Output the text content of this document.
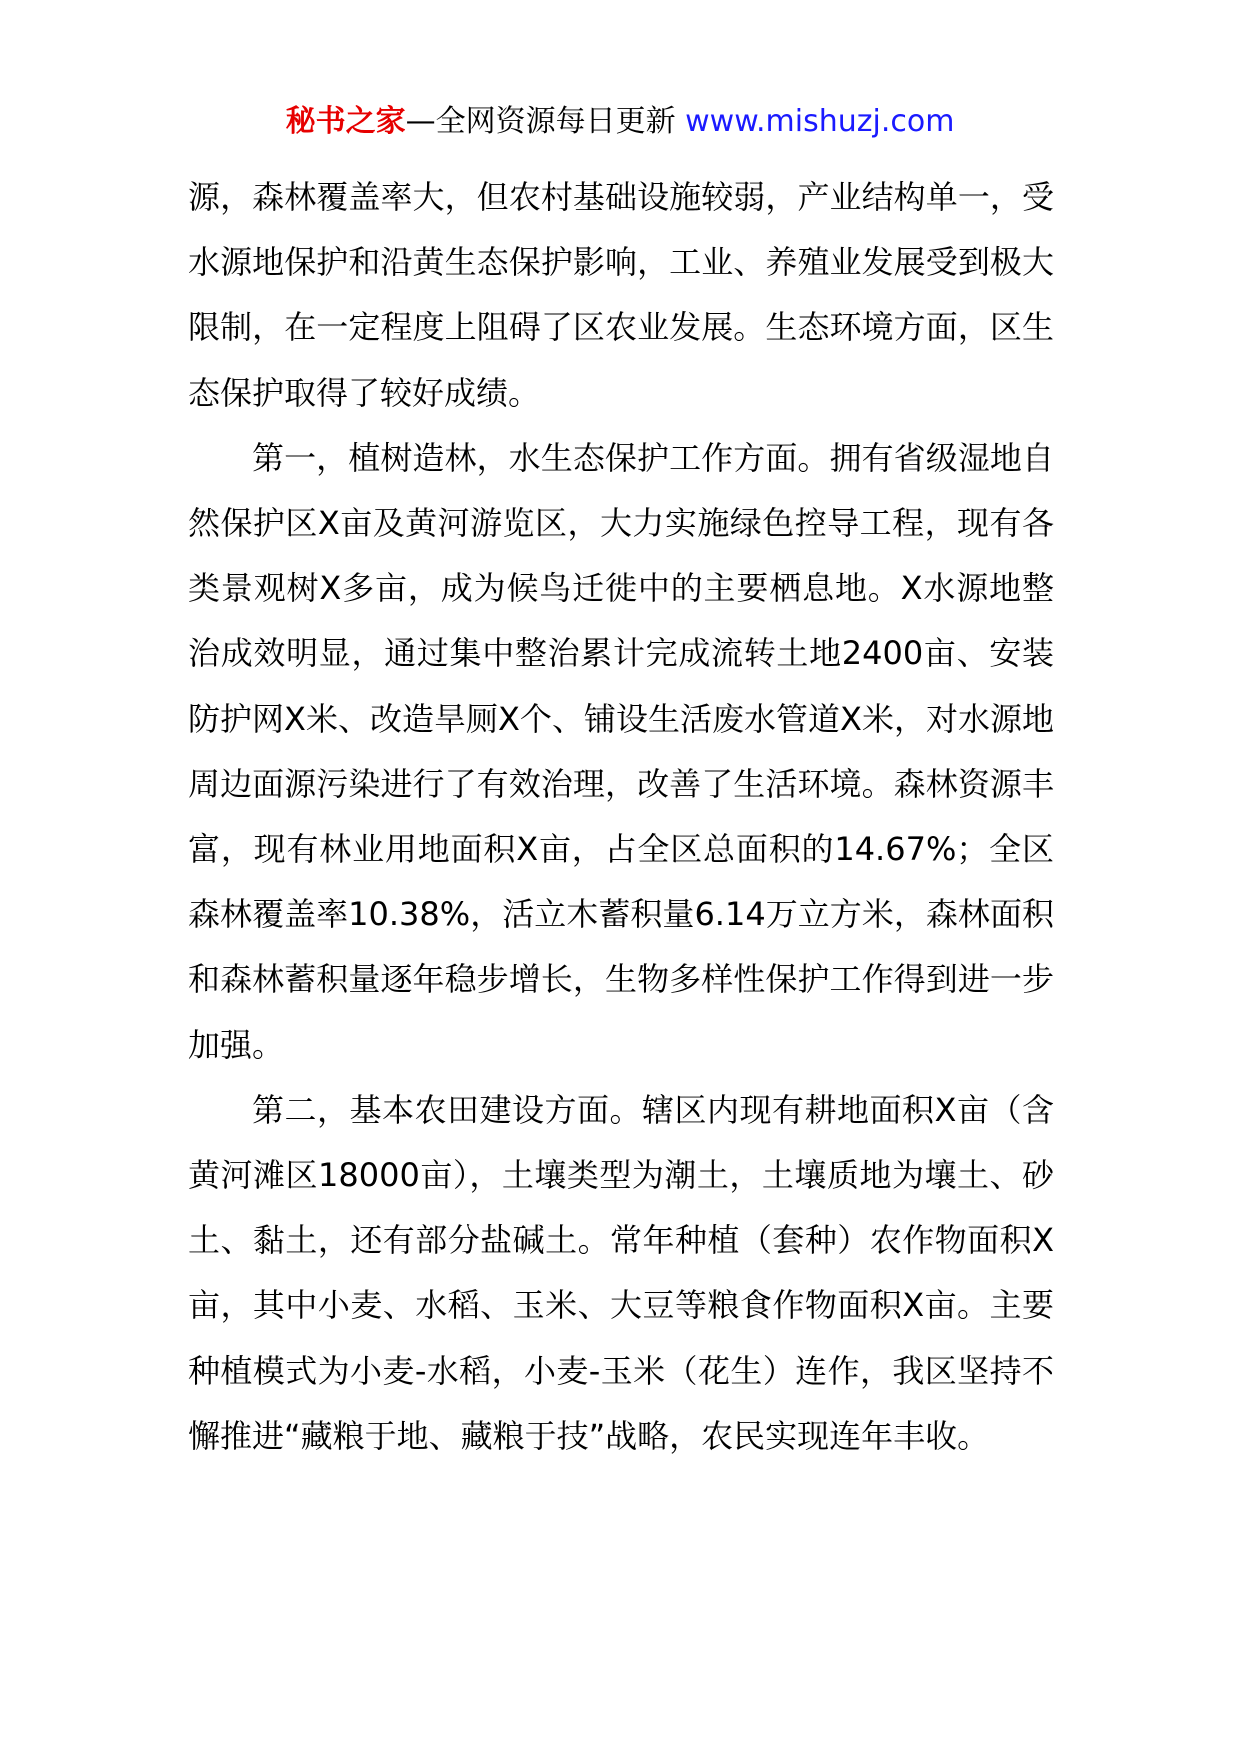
秘书之家—全网资源每日更新 www.mishuzj.com

源，森林覆盖率大，但农村基础设施较弱，产业结构单一，受水源地保护和沿黄生态保护影响，工业、养殖业发展受到极大限制，在一定程度上阻碍了区农业发展。生态环境方面，区生态保护取得了较好成绩。

第一，植树造林，水生态保护工作方面。拥有省级湿地自然保护区X亩及黄河游览区，大力实施绿色控导工程，现有各类景观树X多亩，成为候鸟迁徙中的主要栖息地。X水源地整治成效明显，通过集中整治累计完成流转土地2400亩、安装防护网X米、改造旱厕X个、铺设生活废水管道X米，对水源地周边面源污染进行了有效治理，改善了生活环境。森林资源丰富，现有林业用地面积X亩，占全区总面积的14.67%；全区森林覆盖率10.38%，活立木蓄积量6.14万立方米，森林面积和森林蓄积量逐年稳步增长，生物多样性保护工作得到进一步加强。

第二，基本农田建设方面。辖区内现有耕地面积X亩（含黄河滩区18000亩），土壤类型为潮土，土壤质地为壤土、砂土、黏土，还有部分盐碱土。常年种植（套种）农作物面积X亩，其中小麦、水稻、玉米、大豆等粮食作物面积X亩。主要种植模式为小麦-水稻，小麦-玉米（花生）连作，我区坚持不懈推进“藏粮于地、藏粮于技”战略，农民实现连年丰收。
